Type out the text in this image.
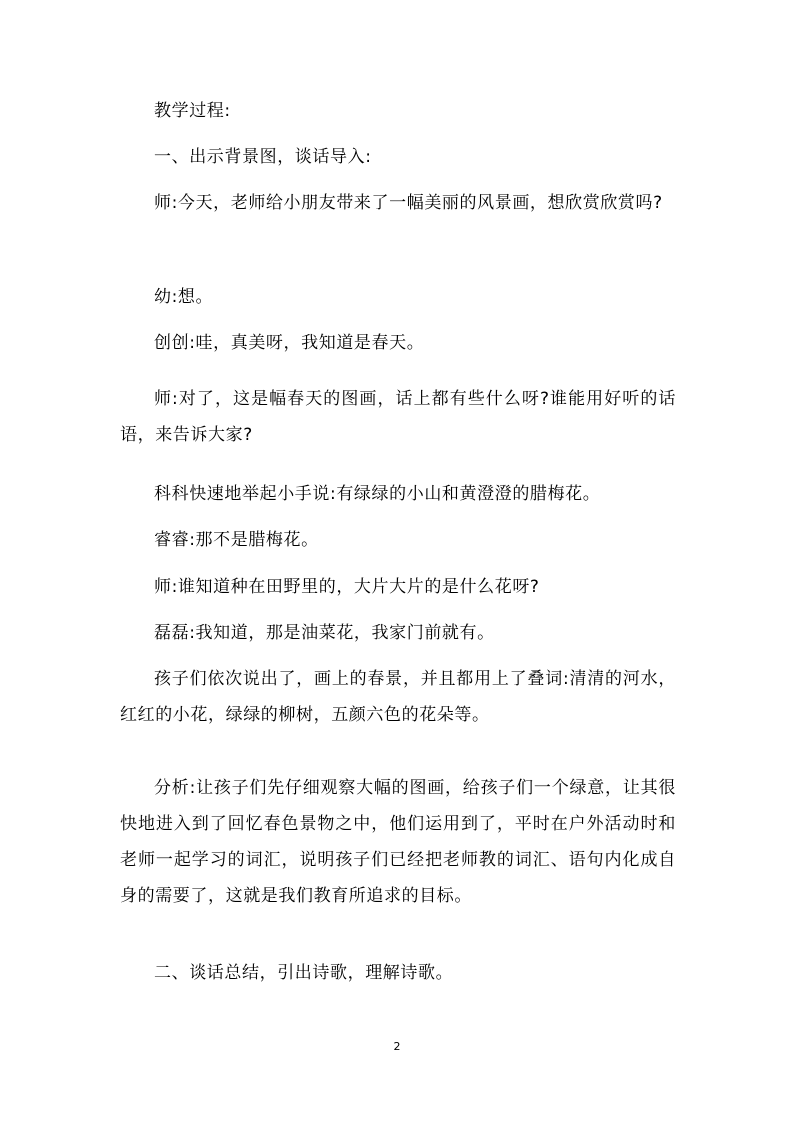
教学过程:

一、出示背景图，谈话导入:

师:今天，老师给小朋友带来了一幅美丽的风景画，想欣赏欣赏吗?

幼:想。

创创:哇，真美呀，我知道是春天。

师:对了，这是幅春天的图画，话上都有些什么呀?谁能用好听的话语，来告诉大家?

科科快速地举起小手说:有绿绿的小山和黄澄澄的腊梅花。

睿睿:那不是腊梅花。

师:谁知道种在田野里的，大片大片的是什么花呀?

磊磊:我知道，那是油菜花，我家门前就有。

孩子们依次说出了，画上的春景，并且都用上了叠词:清清的河水，红红的小花，绿绿的柳树，五颜六色的花朵等。

分析:让孩子们先仔细观察大幅的图画，给孩子们一个绿意，让其很快地进入到了回忆春色景物之中，他们运用到了，平时在户外活动时和老师一起学习的词汇，说明孩子们已经把老师教的词汇、语句内化成自身的需要了，这就是我们教育所追求的目标。

二、谈话总结，引出诗歌，理解诗歌。

2
